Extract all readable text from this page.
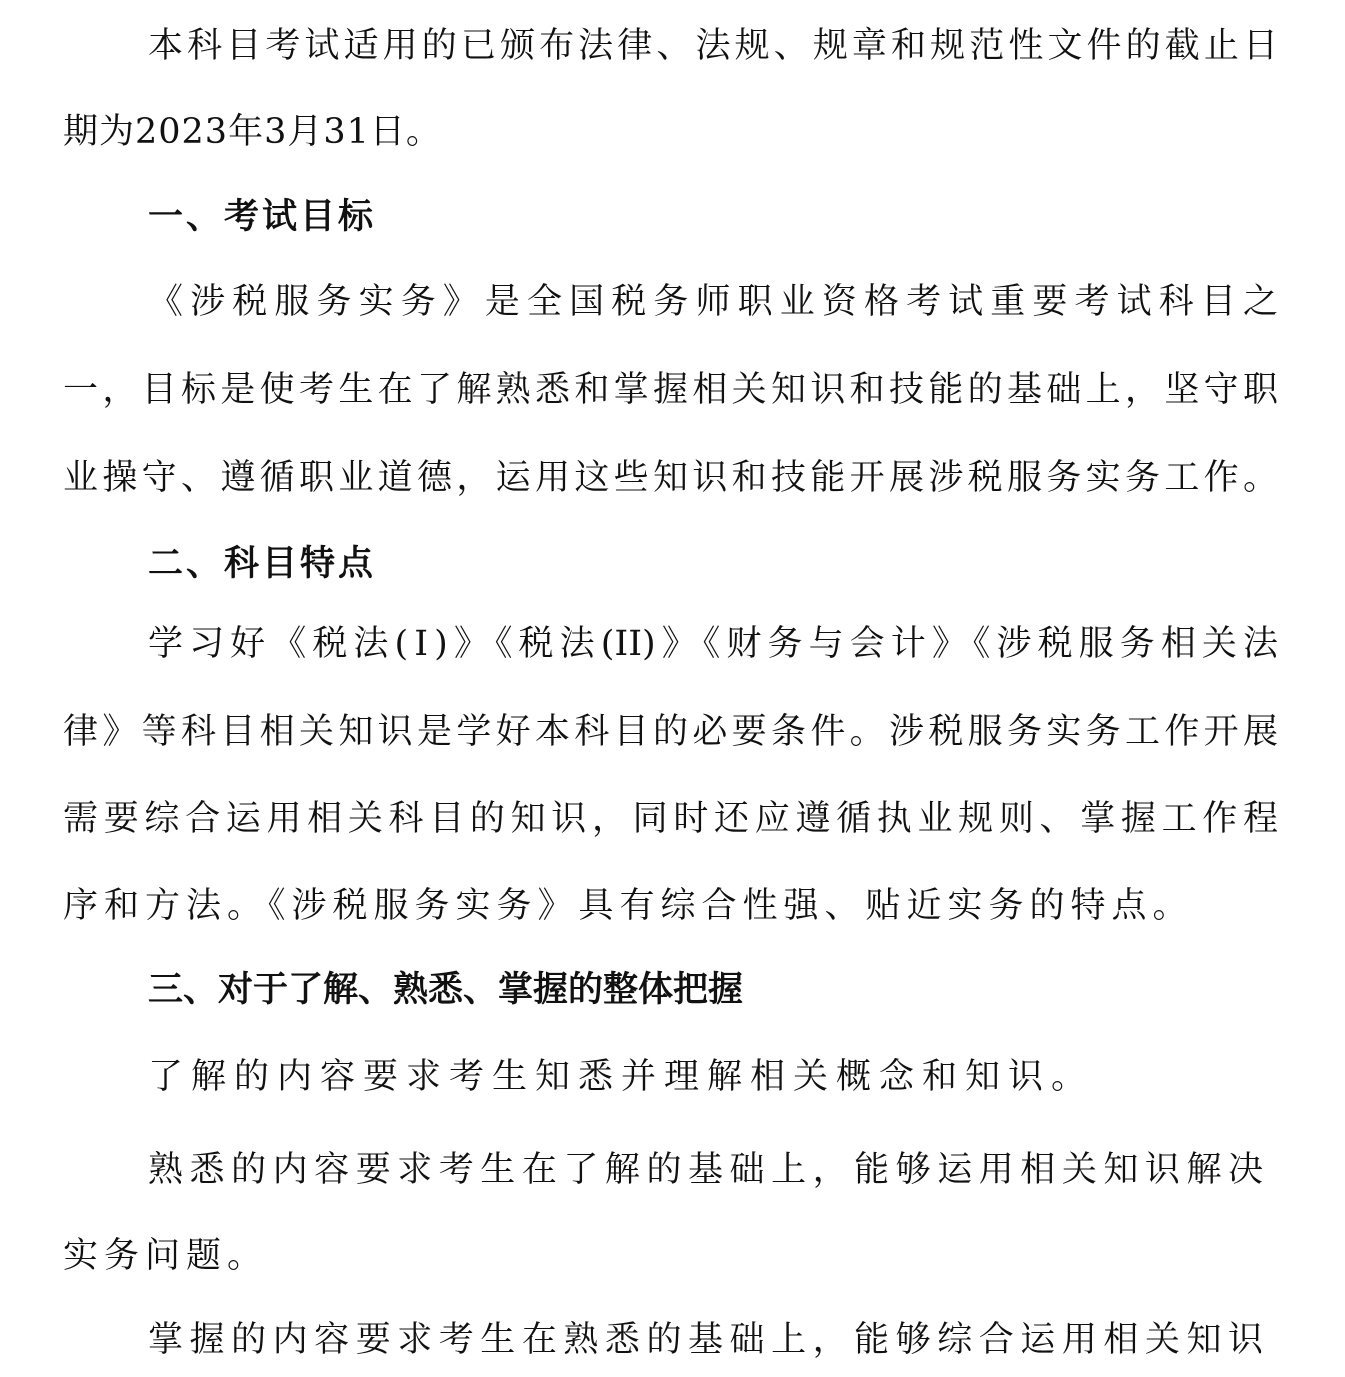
本科目考试适用的已颁布法律、法规、规章和规范性文件的截止日
期为2023年3月31日。
一、考试目标
《涉税服务实务》是全国税务师职业资格考试重要考试科目之
一，目标是使考生在了解熟悉和掌握相关知识和技能的基础上，坚守职
业操守、遵循职业道德，运用这些知识和技能开展涉税服务实务工作。
二、科目特点
学习好《税法(Ⅰ)》《税法(II)》《财务与会计》《涉税服务相关法
律》等科目相关知识是学好本科目的必要条件。涉税服务实务工作开展
需要综合运用相关科目的知识，同时还应遵循执业规则、掌握工作程
序和方法。《涉税服务实务》具有综合性强、贴近实务的特点。
三、对于了解、熟悉、掌握的整体把握
了解的内容要求考生知悉并理解相关概念和知识。
熟悉的内容要求考生在了解的基础上，能够运用相关知识解决
实务问题。
掌握的内容要求考生在熟悉的基础上，能够综合运用相关知识
